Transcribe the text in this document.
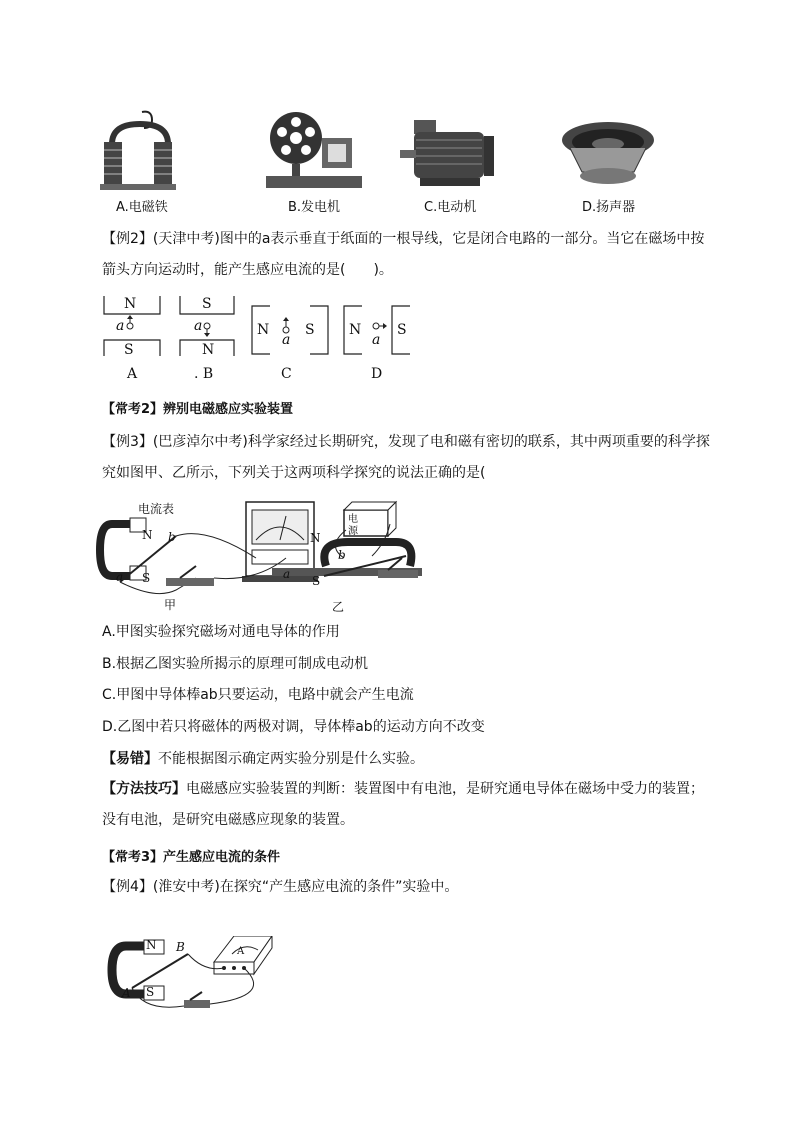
A.电磁铁	B.发电机	C.电动机	D.扬声器
【例2】(天津中考)图中的a表示垂直于纸面的一根导线，它是闭合电路的一部分。当它在磁场中按箭头方向运动时，能产生感应电流的是(　　)。
N
S
a
S
N
a	N	S
a
N	S
a
A	. B	C	D
【常考2】辨别电磁感应实验装置
【例3】(巴彦淖尔中考)科学家经过长期研究，发现了电和磁有密切的联系，其中两项重要的科学探究如图甲、乙所示，下列关于这两项科学探究的说法正确的是(
电流表
N
S
b
a
甲
电源
N
S
b
a
乙
A.甲图实验探究磁场对通电导体的作用
B.根据乙图实验所揭示的原理可制成电动机
C.甲图中导体棒ab只要运动，电路中就会产生电流
D.乙图中若只将磁体的两极对调，导体棒ab的运动方向不改变
【易错】不能根据图示确定两实验分别是什么实验。
【方法技巧】电磁感应实验装置的判断：装置图中有电池，是研究通电导体在磁场中受力的装置；没有电池，是研究电磁感应现象的装置。
【常考3】产生感应电流的条件
【例4】(淮安中考)在探究“产生感应电流的条件”实验中。
N
S
B
A
A
